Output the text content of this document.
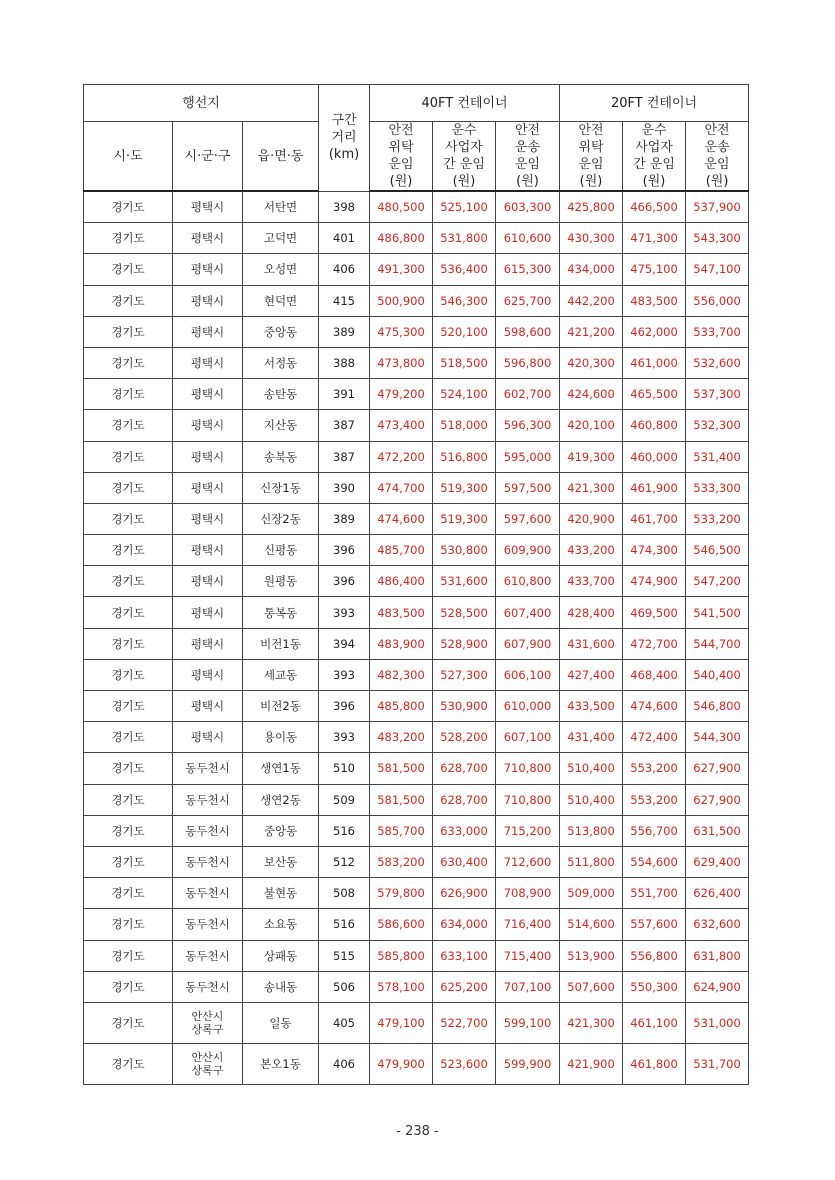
행선지			구간
거리
(km)	40FT 컨테이너			20FT 컨테이너		
시·도	시·군·구	읍·면·동		안전
위탁
운임
(원)	운수
사업자
간 운임
(원)	안전
운송
운임
(원)	안전
위탁
운임
(원)	운수
사업자
간 운임
(원)	안전
운송
운임
(원)
경기도	평택시	서탄면	398	480,500	525,100	603,300	425,800	466,500	537,900
경기도	평택시	고덕면	401	486,800	531,800	610,600	430,300	471,300	543,300
경기도	평택시	오성면	406	491,300	536,400	615,300	434,000	475,100	547,100
경기도	평택시	현덕면	415	500,900	546,300	625,700	442,200	483,500	556,000
경기도	평택시	중앙동	389	475,300	520,100	598,600	421,200	462,000	533,700
경기도	평택시	서정동	388	473,800	518,500	596,800	420,300	461,000	532,600
경기도	평택시	송탄동	391	479,200	524,100	602,700	424,600	465,500	537,300
경기도	평택시	지산동	387	473,400	518,000	596,300	420,100	460,800	532,300
경기도	평택시	송북동	387	472,200	516,800	595,000	419,300	460,000	531,400
경기도	평택시	신장1동	390	474,700	519,300	597,500	421,300	461,900	533,300
경기도	평택시	신장2동	389	474,600	519,300	597,600	420,900	461,700	533,200
경기도	평택시	신평동	396	485,700	530,800	609,900	433,200	474,300	546,500
경기도	평택시	원평동	396	486,400	531,600	610,800	433,700	474,900	547,200
경기도	평택시	통복동	393	483,500	528,500	607,400	428,400	469,500	541,500
경기도	평택시	비전1동	394	483,900	528,900	607,900	431,600	472,700	544,700
경기도	평택시	세교동	393	482,300	527,300	606,100	427,400	468,400	540,400
경기도	평택시	비전2동	396	485,800	530,900	610,000	433,500	474,600	546,800
경기도	평택시	용이동	393	483,200	528,200	607,100	431,400	472,400	544,300
경기도	동두천시	생연1동	510	581,500	628,700	710,800	510,400	553,200	627,900
경기도	동두천시	생연2동	509	581,500	628,700	710,800	510,400	553,200	627,900
경기도	동두천시	중앙동	516	585,700	633,000	715,200	513,800	556,700	631,500
경기도	동두천시	보산동	512	583,200	630,400	712,600	511,800	554,600	629,400
경기도	동두천시	불현동	508	579,800	626,900	708,900	509,000	551,700	626,400
경기도	동두천시	소요동	516	586,600	634,000	716,400	514,600	557,600	632,600
경기도	동두천시	상패동	515	585,800	633,100	715,400	513,900	556,800	631,800
경기도	동두천시	송내동	506	578,100	625,200	707,100	507,600	550,300	624,900
경기도	안산시
상록구	일동	405	479,100	522,700	599,100	421,300	461,100	531,000
경기도	안산시
상록구	본오1동	406	479,900	523,600	599,900	421,900	461,800	531,700
- 238 -
